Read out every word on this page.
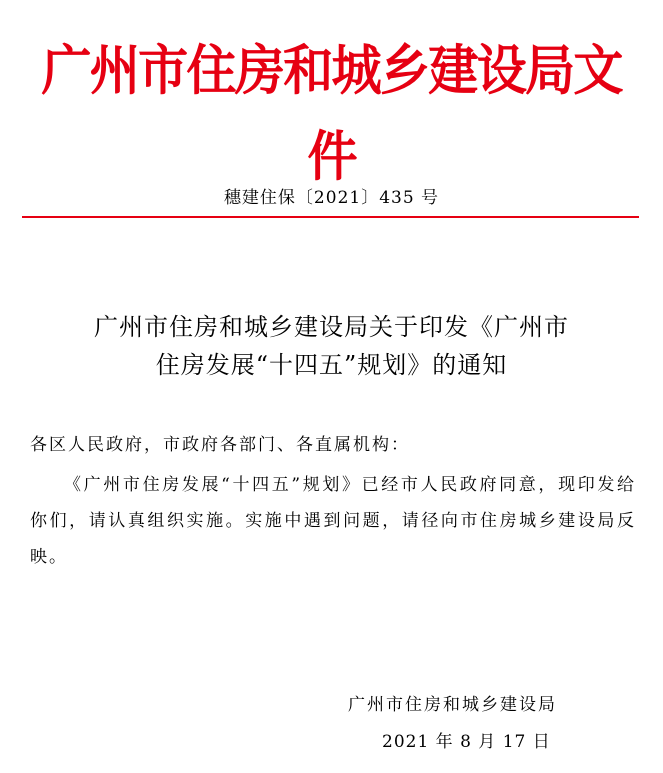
广州市住房和城乡建设局文件
穗建住保〔2021〕435 号
广州市住房和城乡建设局关于印发《广州市
住房发展“十四五”规划》的通知
各区人民政府，市政府各部门、各直属机构：
《广州市住房发展“十四五”规划》已经市人民政府同意，现印发给你们，请认真组织实施。实施中遇到问题，请径向市住房城乡建设局反映。
广州市住房和城乡建设局
2021 年 8 月 17 日
